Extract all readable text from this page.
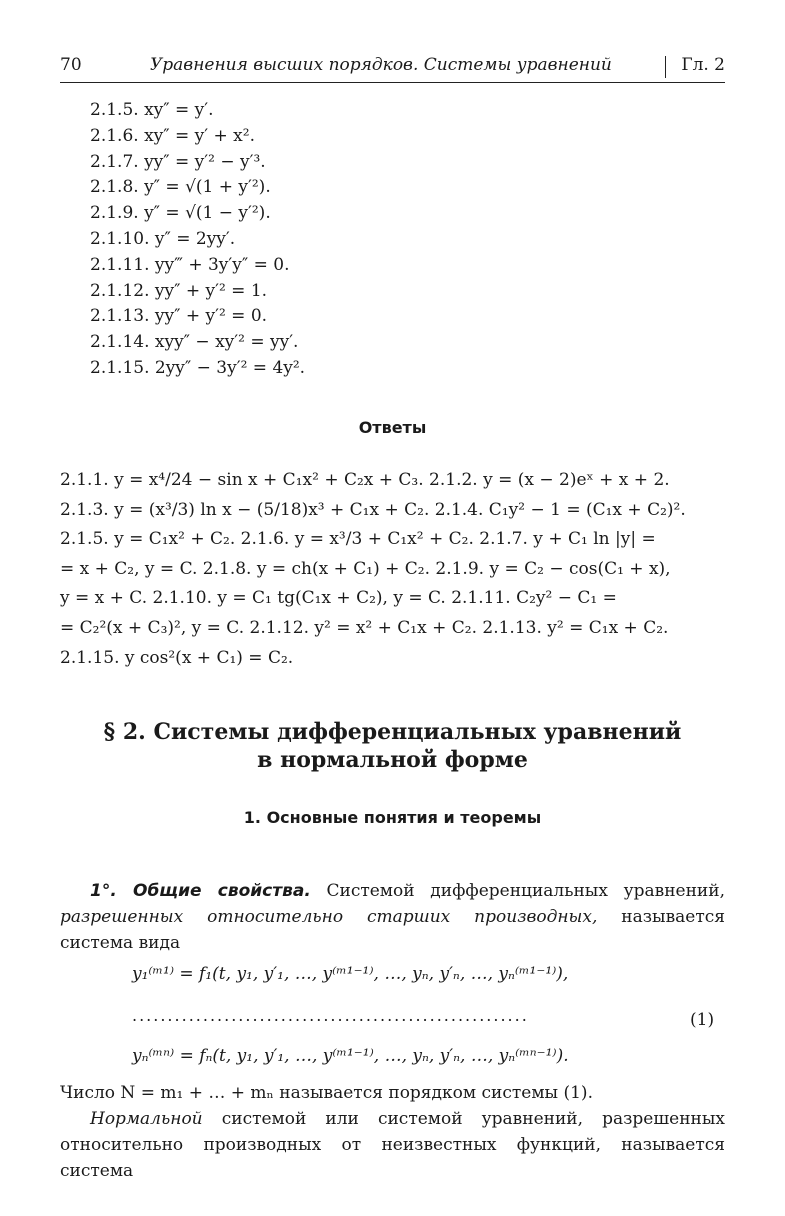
70	Уравнения высших порядков. Системы уравнений	Гл. 2
2.1.5. xy″ = y′.
2.1.6. xy″ = y′ + x².
2.1.7. yy″ = y′² − y′³.
2.1.8. y″ = √(1 + y′²).
2.1.9. y″ = √(1 − y′²).
2.1.10. y″ = 2yy′.
2.1.11. yy‴ + 3y′y″ = 0.
2.1.12. yy″ + y′² = 1.
2.1.13. yy″ + y′² = 0.
2.1.14. xyy″ − xy′² = yy′.
2.1.15. 2yy″ − 3y′² = 4y².
Ответы
2.1.1. y = x⁴/24 − sin x + C₁x² + C₂x + C₃. 2.1.2. y = (x − 2)eˣ + x + 2.
2.1.3. y = (x³/3) ln x − (5/18)x³ + C₁x + C₂. 2.1.4. C₁y² − 1 = (C₁x + C₂)².
2.1.5. y = C₁x² + C₂. 2.1.6. y = x³/3 + C₁x² + C₂. 2.1.7. y + C₁ ln |y| =
= x + C₂, y = C. 2.1.8. y = ch(x + C₁) + C₂. 2.1.9. y = C₂ − cos(C₁ + x),
y = x + C. 2.1.10. y = C₁ tg(C₁x + C₂), y = C. 2.1.11. C₂y² − C₁ =
= C₂²(x + C₃)², y = C. 2.1.12. y² = x² + C₁x + C₂. 2.1.13. y² = C₁x + C₂.
2.1.15. y cos²(x + C₁) = C₂.
§ 2. Системы дифференциальных уравнений
в нормальной форме
1. Основные понятия и теоремы
1°. Общие свойства. Системой дифференциальных уравнений, разрешенных относительно старших производных, называется система вида
y₁⁽ᵐ¹⁾ = f₁(t, y₁, y′₁, …, y⁽ᵐ¹⁻¹⁾, …, yₙ, y′ₙ, …, yₙ⁽ᵐ¹⁻¹⁾),
........................................................	(1)
yₙ⁽ᵐⁿ⁾ = fₙ(t, y₁, y′₁, …, y⁽ᵐ¹⁻¹⁾, …, yₙ, y′ₙ, …, yₙ⁽ᵐⁿ⁻¹⁾).
Число N = m₁ + … + mₙ называется порядком системы (1).
Нормальной системой или системой уравнений, разрешенных относительно производных от неизвестных функций, называется система
